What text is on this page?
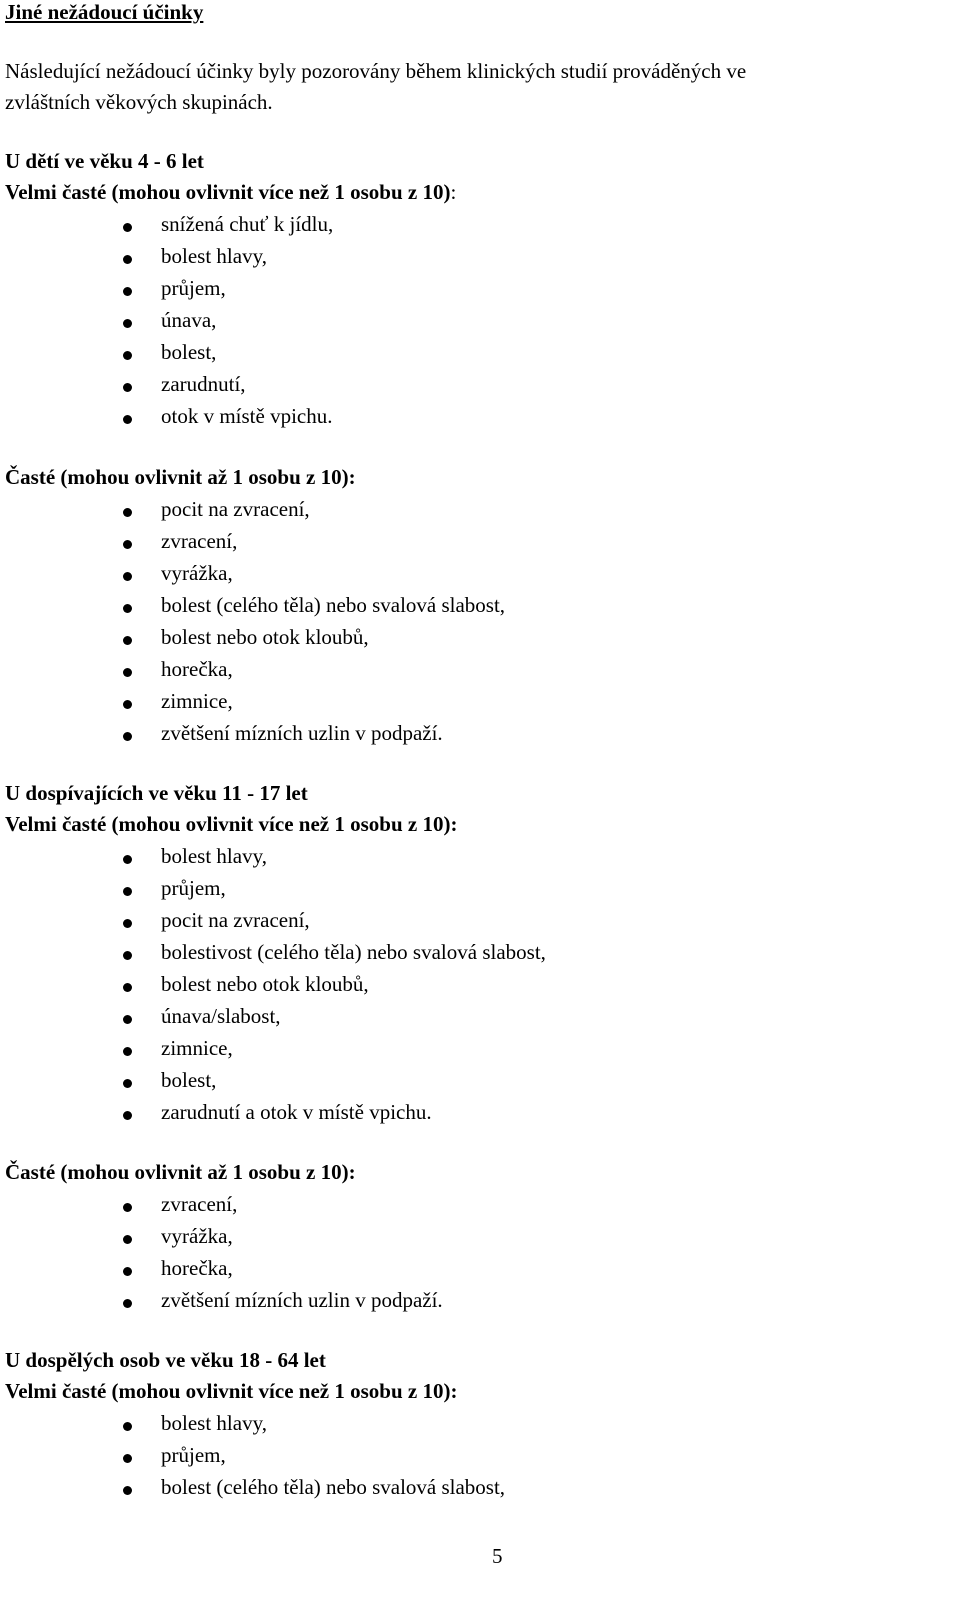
Jiné nežádoucí účinky
Následující nežádoucí účinky byly pozorovány během klinických studií prováděných ve
zvláštních věkových skupinách.
U dětí ve věku 4 - 6 let
Velmi časté (mohou ovlivnit více než 1 osobu z 10):
snížená chuť k jídlu,
bolest hlavy,
průjem,
únava,
bolest,
zarudnutí,
otok v místě vpichu.
Časté (mohou ovlivnit až 1 osobu z 10):
pocit na zvracení,
zvracení,
vyrážka,
bolest (celého těla) nebo svalová slabost,
bolest nebo otok kloubů,
horečka,
zimnice,
zvětšení mízních uzlin v podpaží.
U dospívajících ve věku 11 - 17 let
Velmi časté (mohou ovlivnit více než 1 osobu z 10):
bolest hlavy,
průjem,
pocit na zvracení,
bolestivost (celého těla) nebo svalová slabost,
bolest nebo otok kloubů,
únava/slabost,
zimnice,
bolest,
zarudnutí a otok v místě vpichu.
Časté (mohou ovlivnit až 1 osobu z 10):
zvracení,
vyrážka,
horečka,
zvětšení mízních uzlin v podpaží.
U dospělých osob ve věku 18 - 64 let
Velmi časté (mohou ovlivnit více než 1 osobu z 10):
bolest hlavy,
průjem,
bolest (celého těla) nebo svalová slabost,
5
